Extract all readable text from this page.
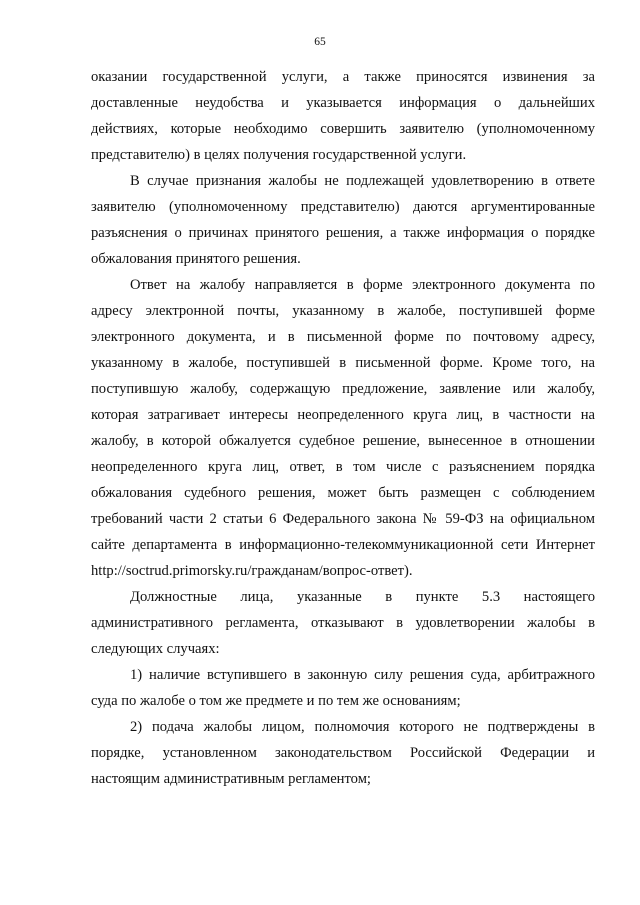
65
оказании государственной услуги, а также приносятся извинения за
доставленные неудобства и указывается информация о дальнейших
действиях, которые необходимо совершить заявителю (уполномоченному
представителю) в целях получения государственной услуги.
В случае признания жалобы не подлежащей удовлетворению в ответе
заявителю (уполномоченному представителю) даются аргументированные
разъяснения о причинах принятого решения, а также информация о порядке
обжалования принятого решения.
Ответ на жалобу направляется в форме электронного документа по
адресу электронной почты, указанному в жалобе, поступившей форме
электронного документа, и в письменной форме по почтовому адресу,
указанному в жалобе, поступившей в письменной форме. Кроме того, на
поступившую жалобу, содержащую предложение, заявление или жалобу,
которая затрагивает интересы неопределенного круга лиц, в частности на
жалобу, в которой обжалуется судебное решение, вынесенное в отношении
неопределенного круга лиц, ответ, в том числе с разъяснением порядка
обжалования судебного решения, может быть размещен с соблюдением
требований части 2 статьи 6 Федерального закона № 59-ФЗ на официальном
сайте департамента в информационно-телекоммуникационной сети Интернет
http://soctrud.primorsky.ru/гражданам/вопрос-ответ).
Должностные лица, указанные в пункте 5.3 настоящего
административного регламента, отказывают в удовлетворении жалобы в
следующих случаях:
1) наличие вступившего в законную силу решения суда, арбитражного
суда по жалобе о том же предмете и по тем же основаниям;
2) подача жалобы лицом, полномочия которого не подтверждены в
порядке, установленном законодательством Российской Федерации и
настоящим административным регламентом;
